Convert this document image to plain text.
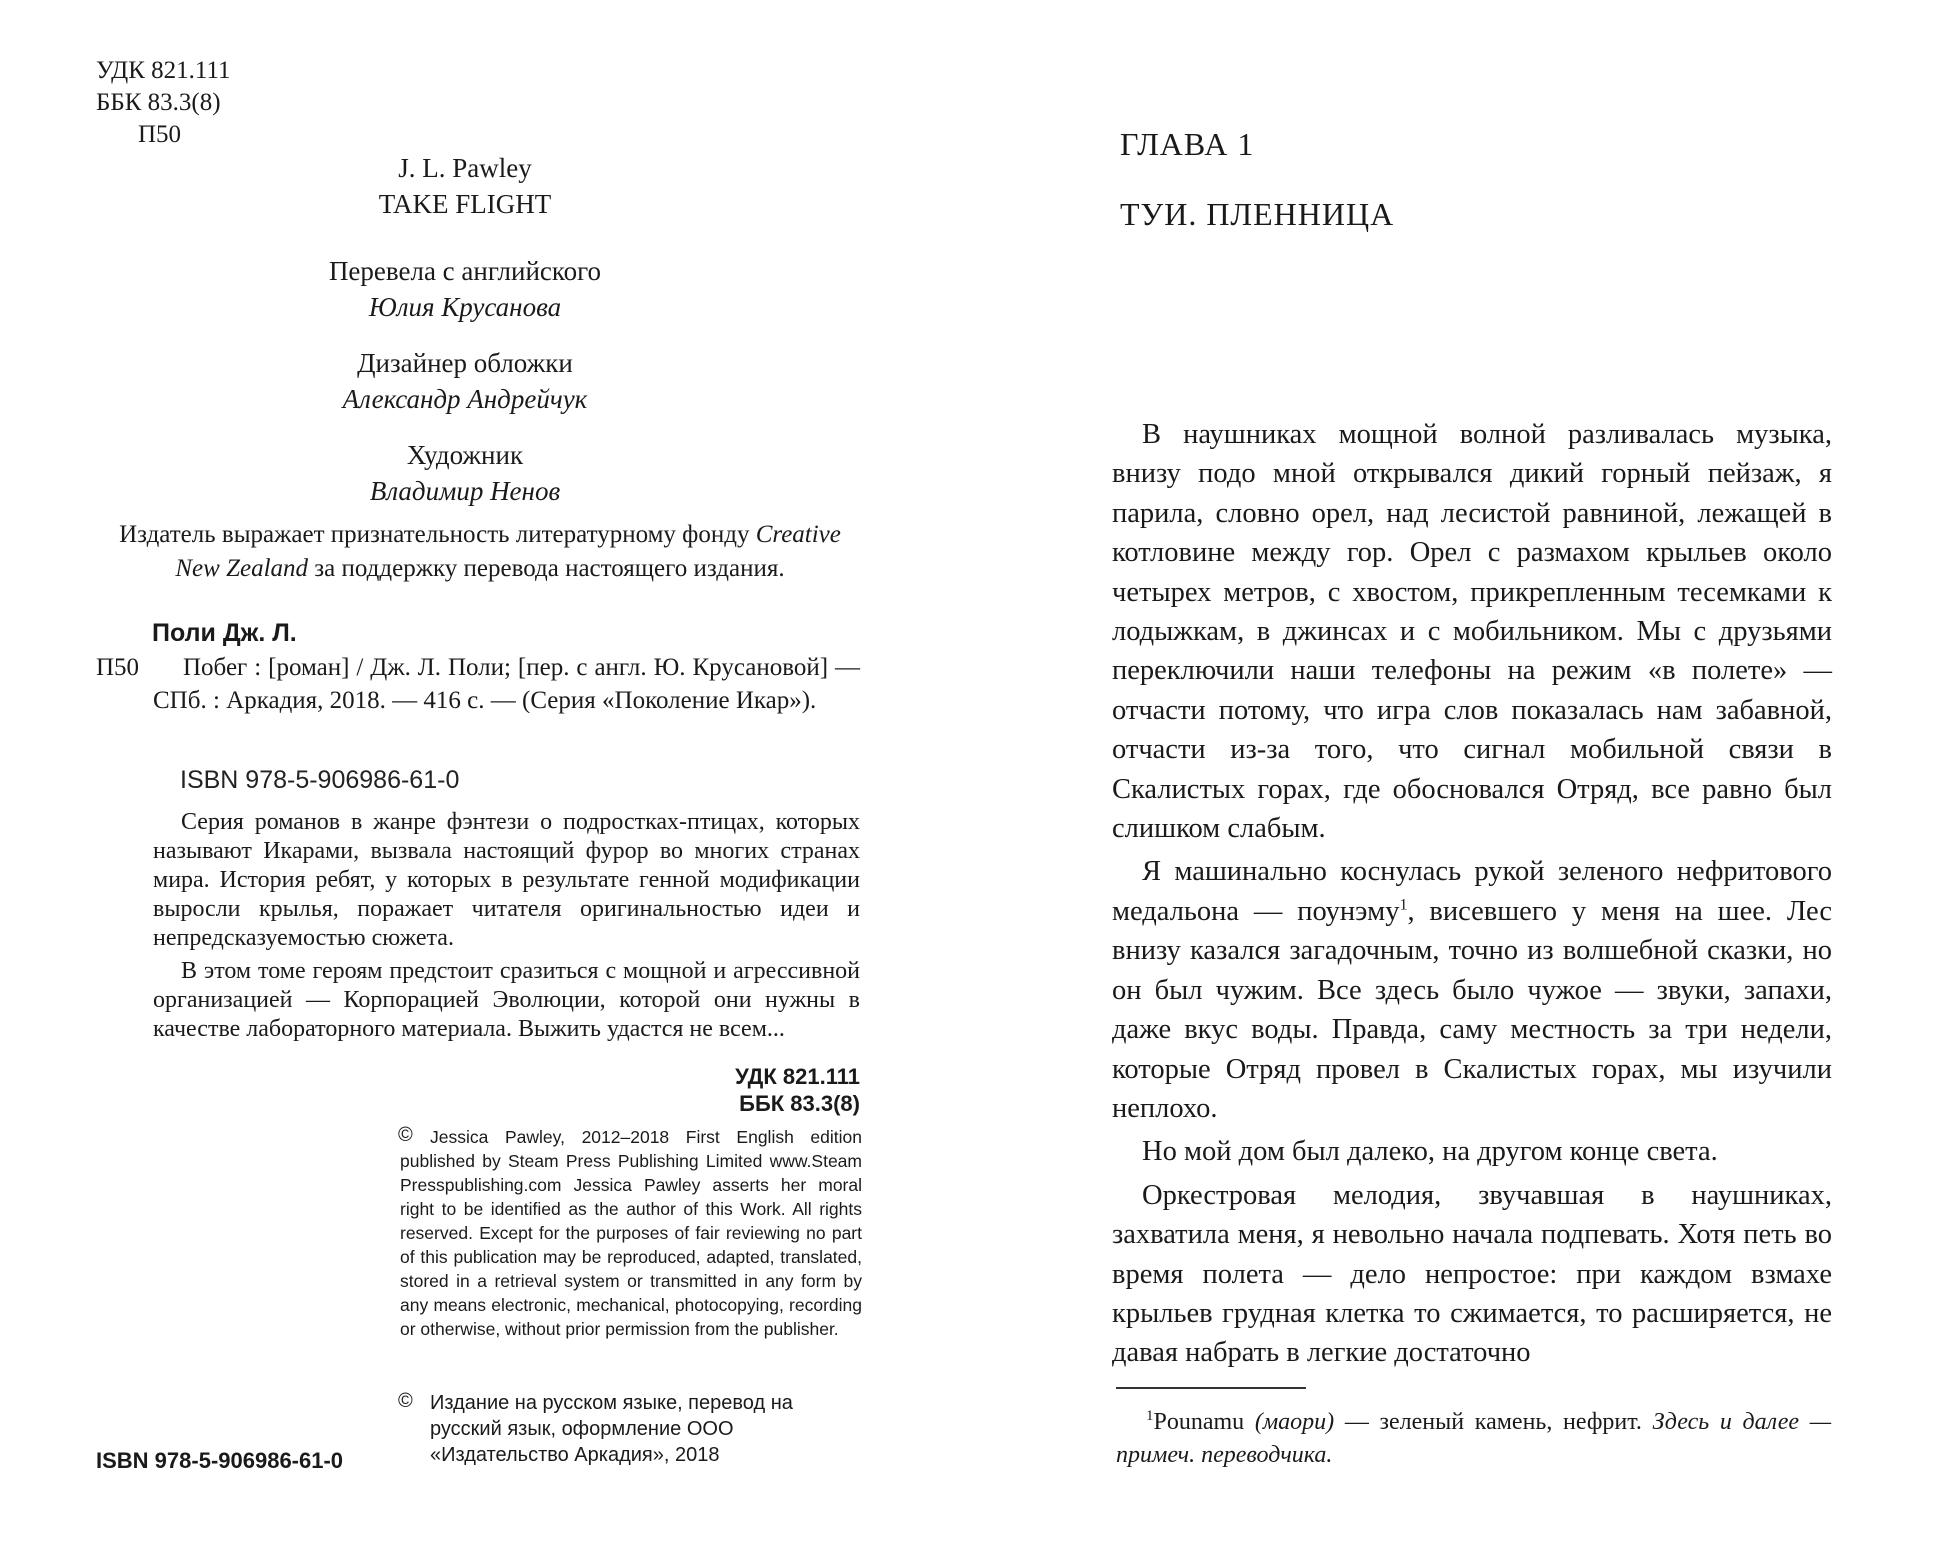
УДК 821.111
ББК 83.3(8)
П50
J. L. Pawley
TAKE FLIGHT
Перевела с английского
Юлия Крусанова
Дизайнер обложки
Александр Андрейчук
Художник
Владимир Ненов
Издатель выражает признательность литературному фонду Creative New Zealand за поддержку перевода настоящего издания.
Поли Дж. Л.
П50	Побег : [роман] / Дж. Л. Поли; [пер. с англ. Ю. Крусановой] — СПб. : Аркадия, 2018. — 416 с. — (Серия «Поколение Икар»).
ISBN 978-5-906986-61-0

Серия романов в жанре фэнтези о подростках-птицах, которых называют Икарами, вызвала настоящий фурор во многих странах мира. История ребят, у которых в результате генной модификации выросли крылья, поражает читателя оригинальностью идеи и непредсказуемостью сюжета.

В этом томе героям предстоит сразиться с мощной и агрессивной организацией — Корпорацией Эволюции, которой они нужны в качестве лабораторного материала. Выжить удастся не всем...

УДК 821.111
ББК 83.3(8)
© Jessica Pawley, 2012–2018 First English edition published by Steam Press Publishing Limited www.Steam Presspublishing.com Jessica Pawley asserts her moral right to be identified as the author of this Work. All rights reserved. Except for the purposes of fair reviewing no part of this publication may be reproduced, adapted, translated, stored in a retrieval system or transmitted in any form by any means electronic, mechanical, photocopying, recording or otherwise, without prior permission from the publisher.
© Издание на русском языке, перевод на русский язык, оформление ООО «Издательство Аркадия», 2018
ISBN 978-5-906986-61-0
ГЛАВА 1
ТУИ. ПЛЕННИЦА

В наушниках мощной волной разливалась музыка, внизу подо мной открывался дикий горный пейзаж, я парила, словно орел, над лесистой равниной, лежащей в котловине между гор. Орел с размахом крыльев около четырех метров, с хвостом, прикрепленным тесемками к лодыжкам, в джинсах и с мобильником. Мы с друзьями переключили наши телефоны на режим «в полете» — отчасти потому, что игра слов показалась нам забавной, отчасти из-за того, что сигнал мобильной связи в Скалистых горах, где обосновался Отряд, все равно был слишком слабым.

Я машинально коснулась рукой зеленого нефритового медальона — поунэму$^1$, висевшего у меня на шее. Лес внизу казался загадочным, точно из волшебной сказки, но он был чужим. Все здесь было чужое — звуки, запахи, даже вкус воды. Правда, саму местность за три недели, которые Отряд провел в Скалистых горах, мы изучили неплохо.

Но мой дом был далеко, на другом конце света.

Оркестровая мелодия, звучавшая в наушниках, захватила меня, я невольно начала подпевать. Хотя петь во время полета — дело непростое: при каждом взмахе крыльев грудная клетка то сжимается, то расширяется, не давая набрать в легкие достаточно

$^1$Pounamu (маори) — зеленый камень, нефрит. Здесь и далее — примеч. переводчика.
